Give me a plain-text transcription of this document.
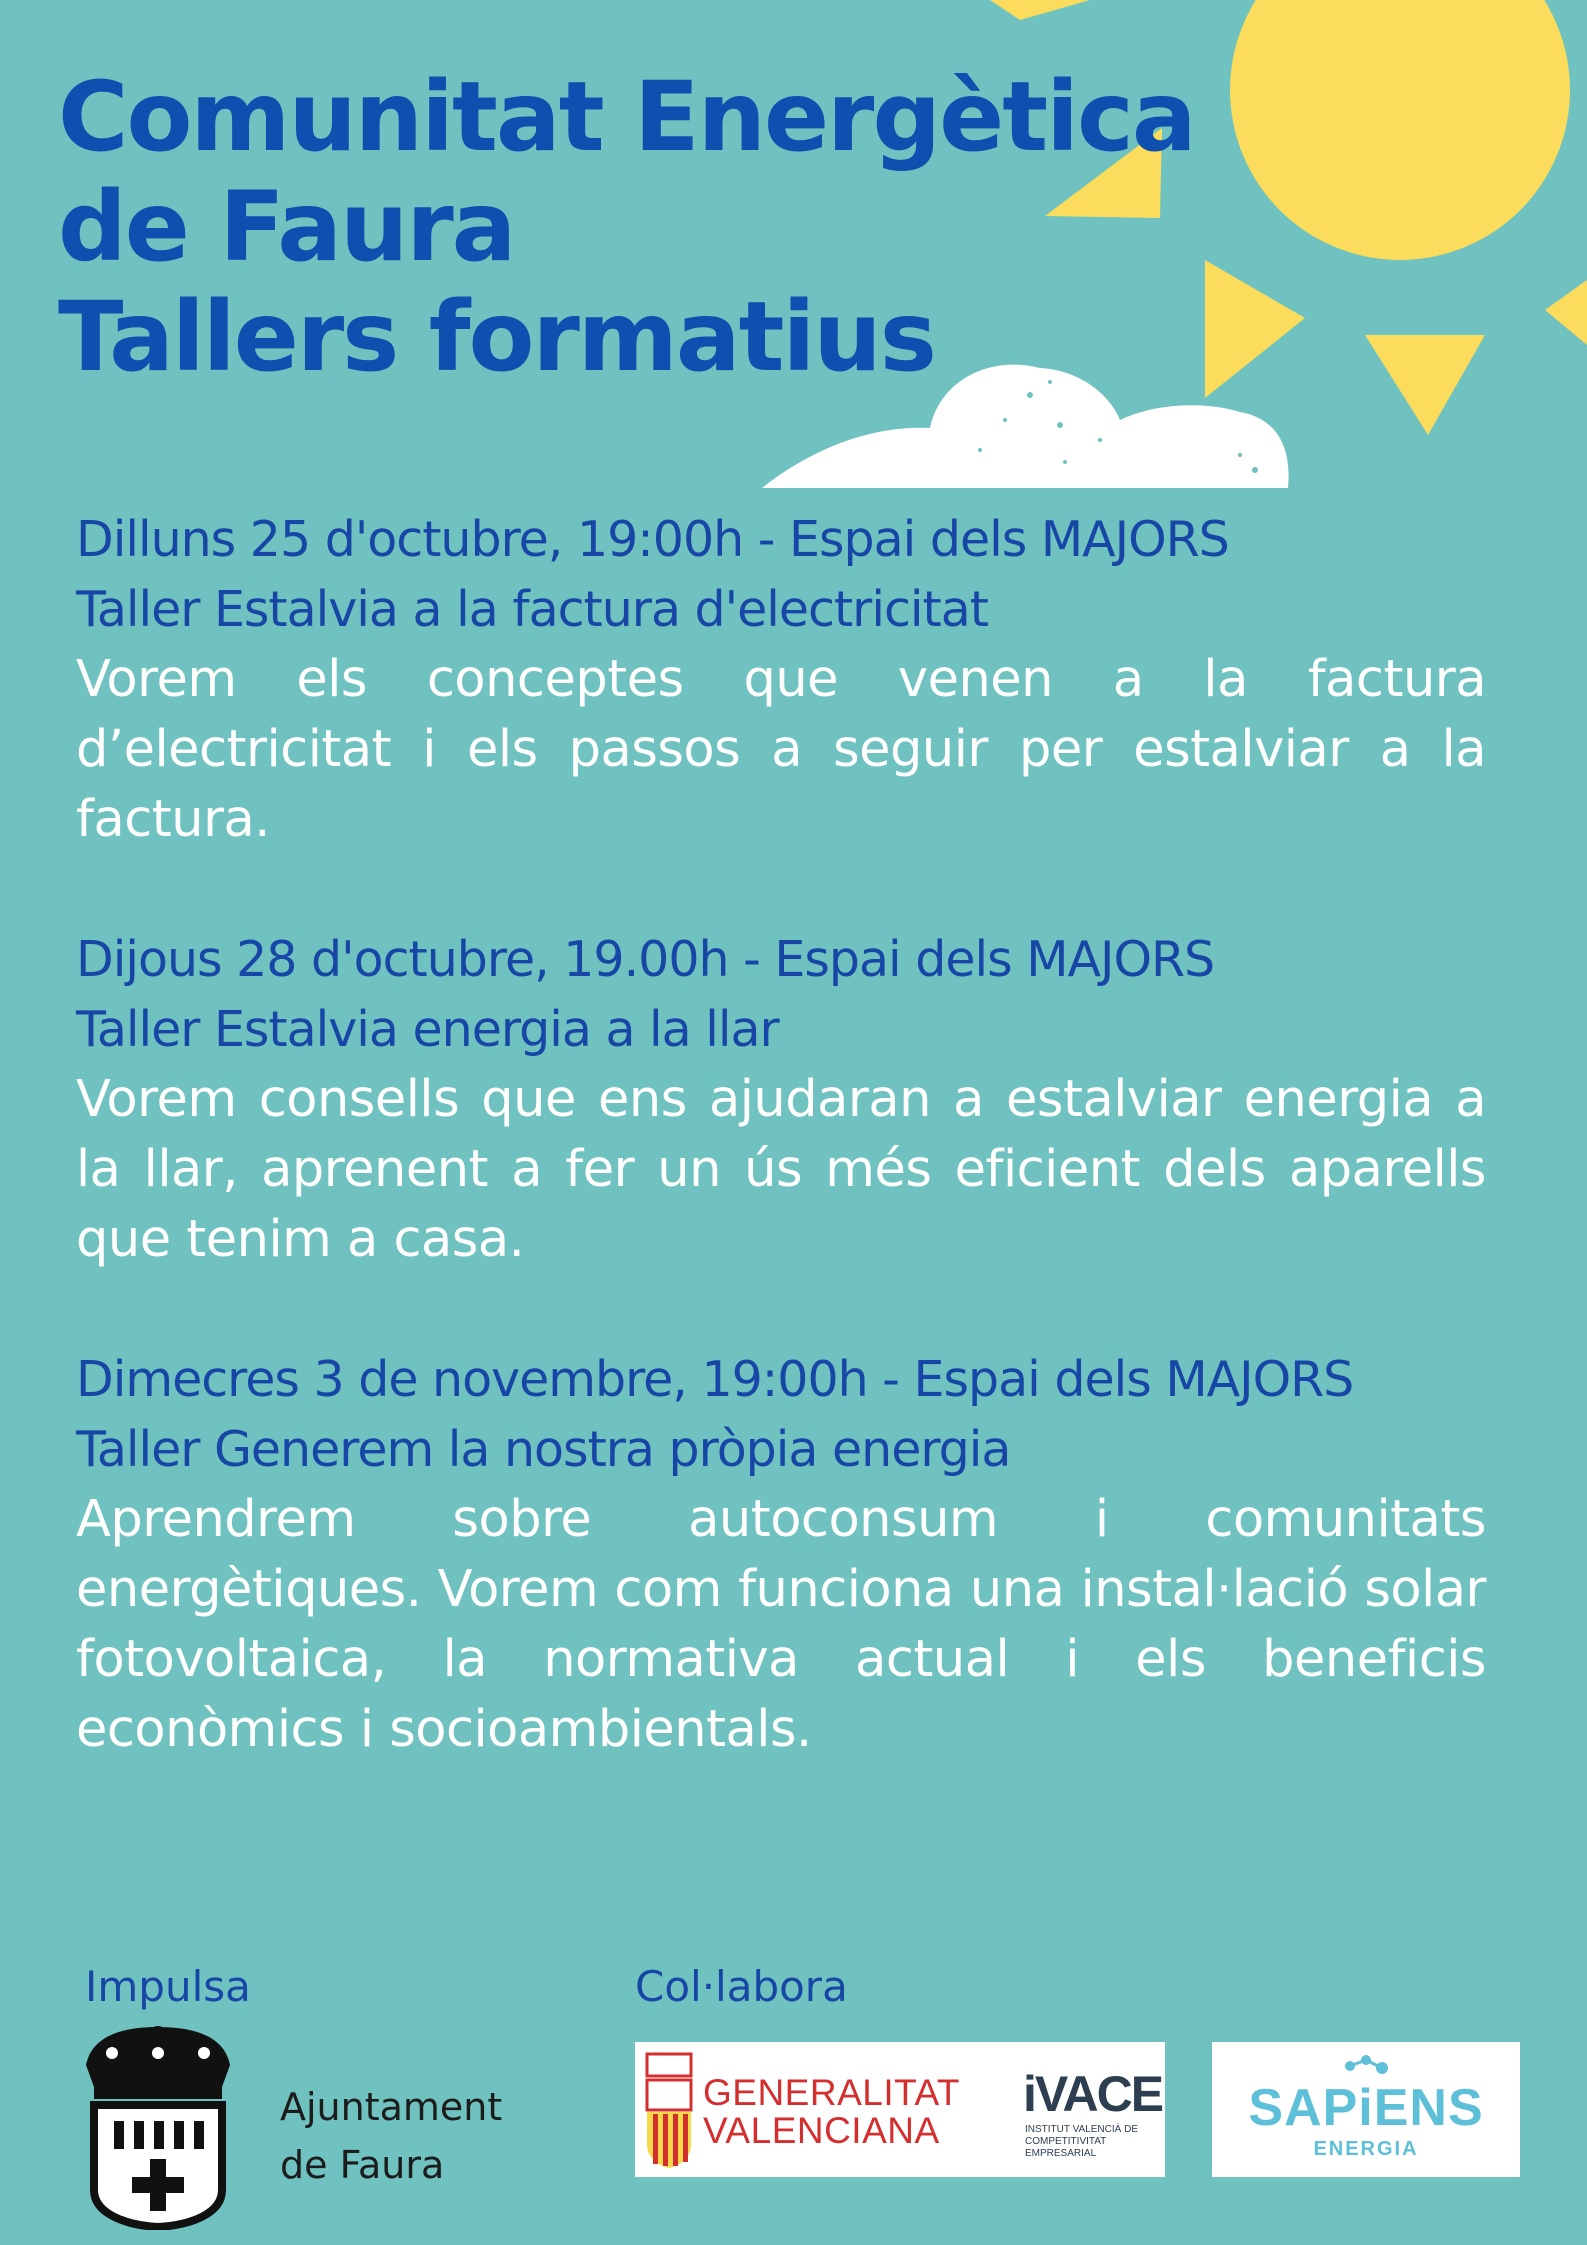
Comunitat Energètica
de Faura
Tallers formatius
Dilluns 25 d'octubre, 19:00h - Espai dels MAJORS
Taller Estalvia a la factura d'electricitat
Vorem els conceptes que venen a la factura d’electricitat i els passos a seguir per estalviar a la factura.
Dijous 28 d'octubre, 19.00h - Espai dels MAJORS
Taller Estalvia energia a la llar
Vorem consells que ens ajudaran a estalviar energia a la llar, aprenent a fer un ús més eficient dels aparells que tenim a casa.
Dimecres 3 de novembre, 19:00h - Espai dels MAJORS
Taller Generem la nostra pròpia energia
Aprendrem sobre autoconsum i comunitats energètiques. Vorem com funciona una instal·lació solar fotovoltaica, la normativa actual i els beneficis econòmics i socioambientals.
Impulsa	Col·labora
Ajuntament
de Faura
GENERALITAT
VALENCIANA
iVACE
INSTITUT VALENCIÀ DE COMPETITIVITAT EMPRESARIAL
SAPiENS
ENERGIA
